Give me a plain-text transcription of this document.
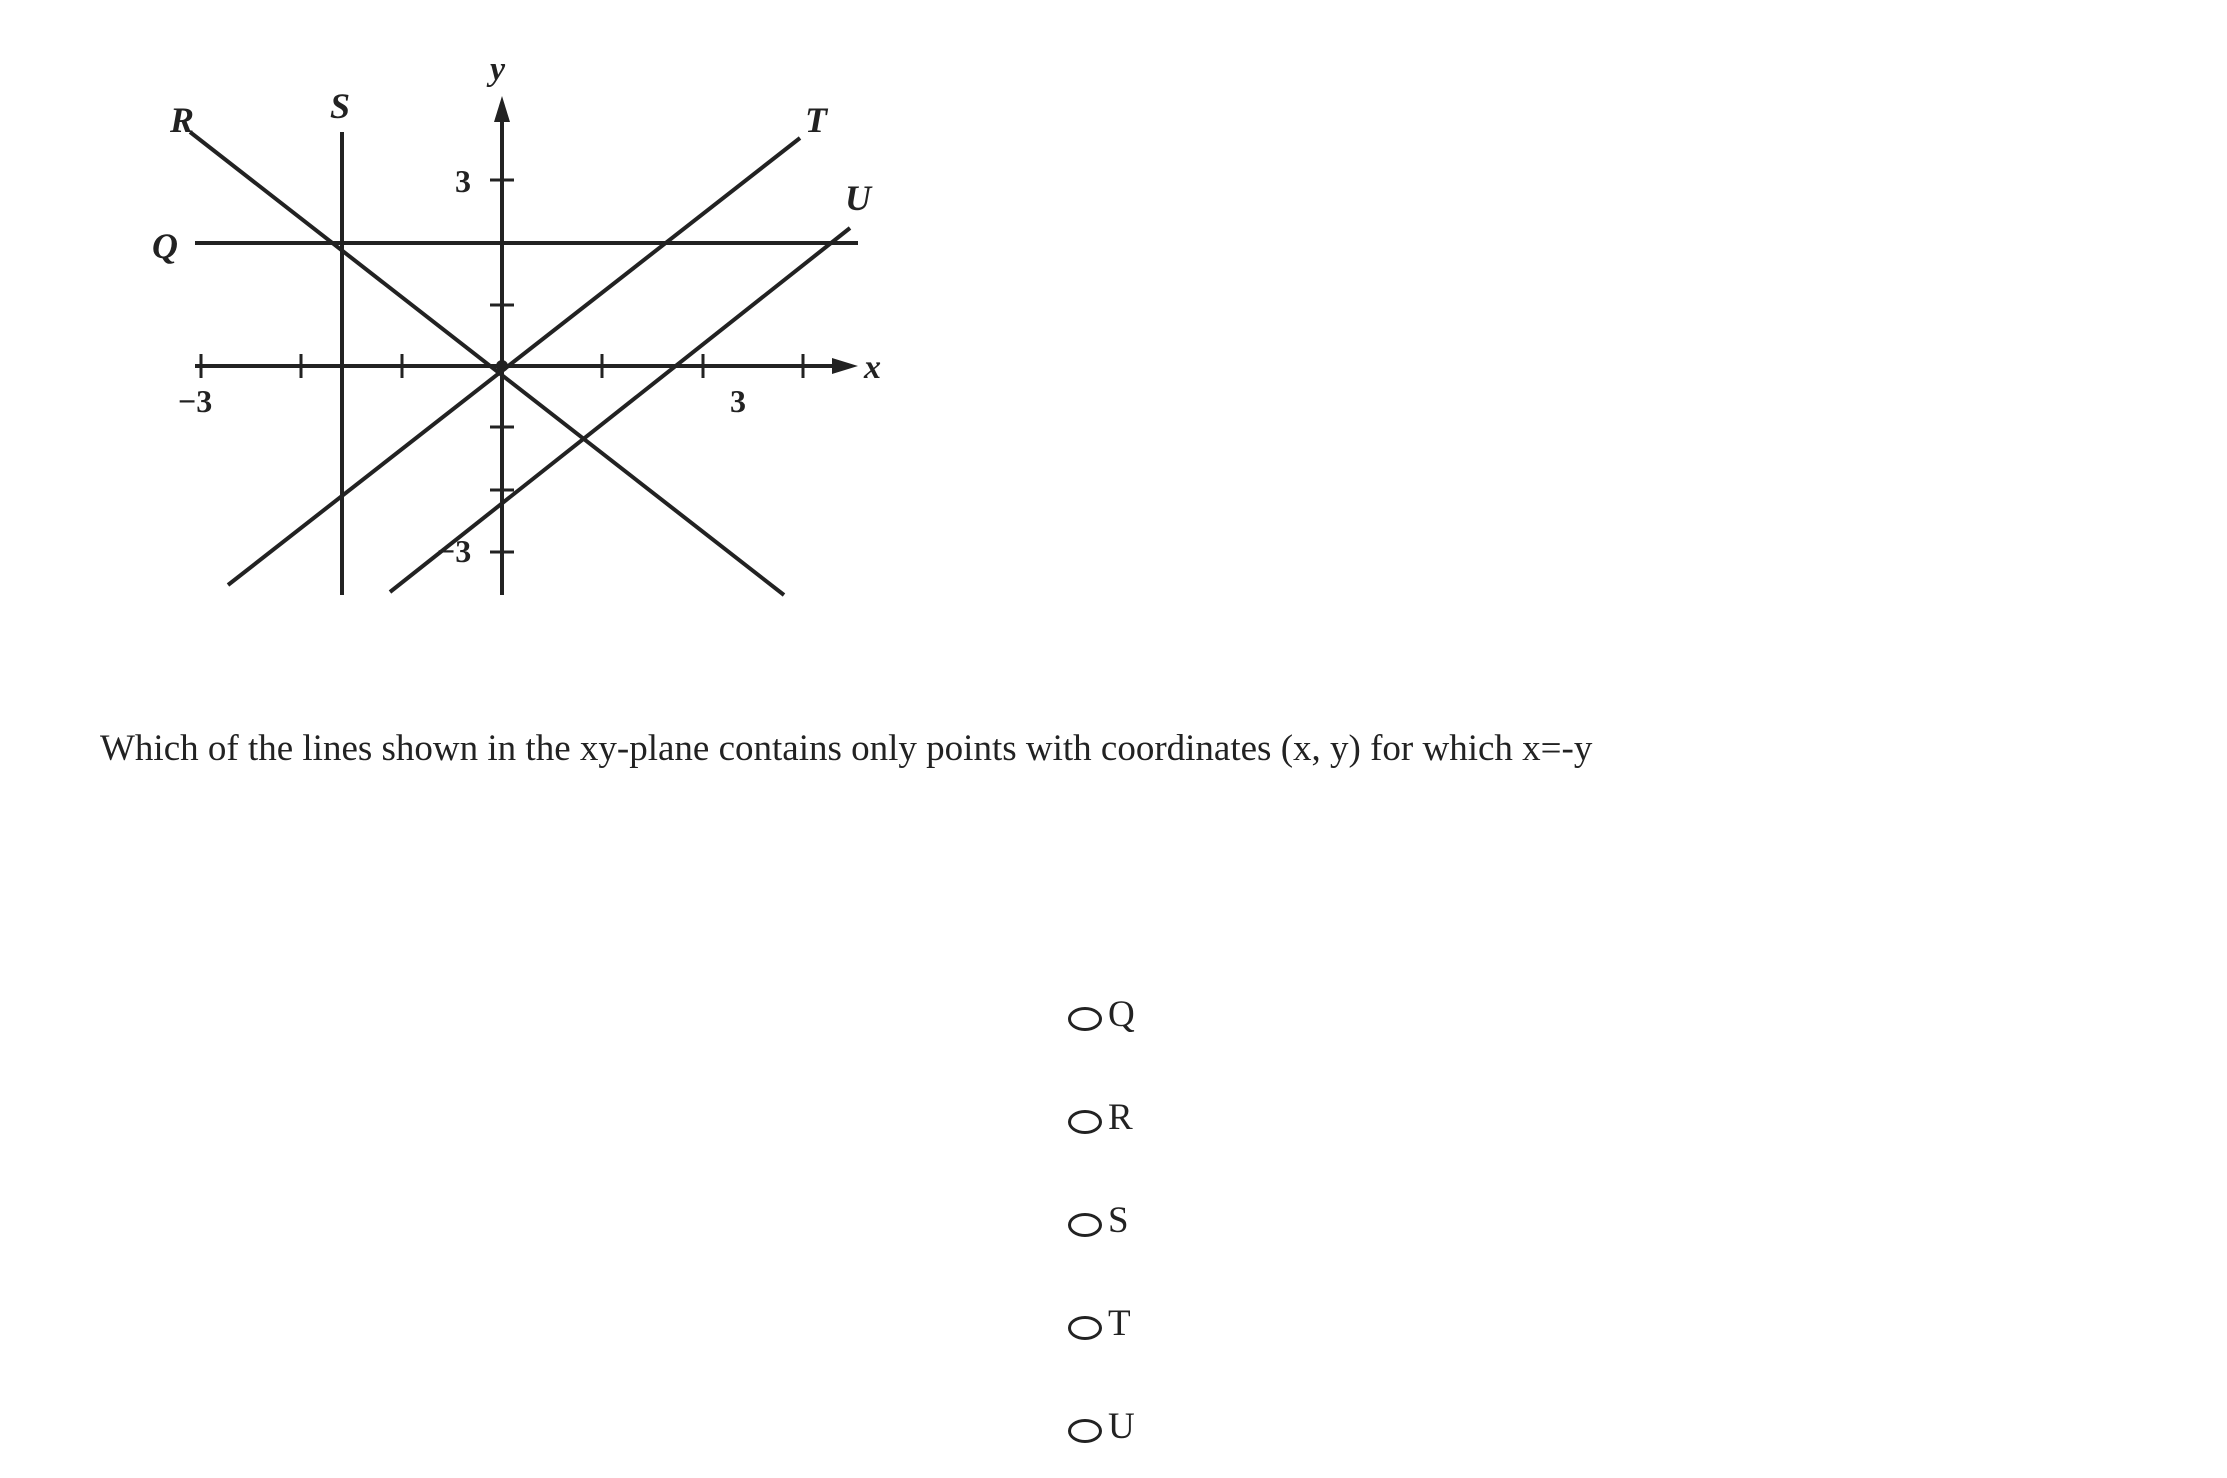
y
x
−3	3
3
−3
R	S	T
U
Q
Which of the lines shown in the xy-plane contains only points with coordinates (x, y) for which x=-y
Q
R
S
T
U
